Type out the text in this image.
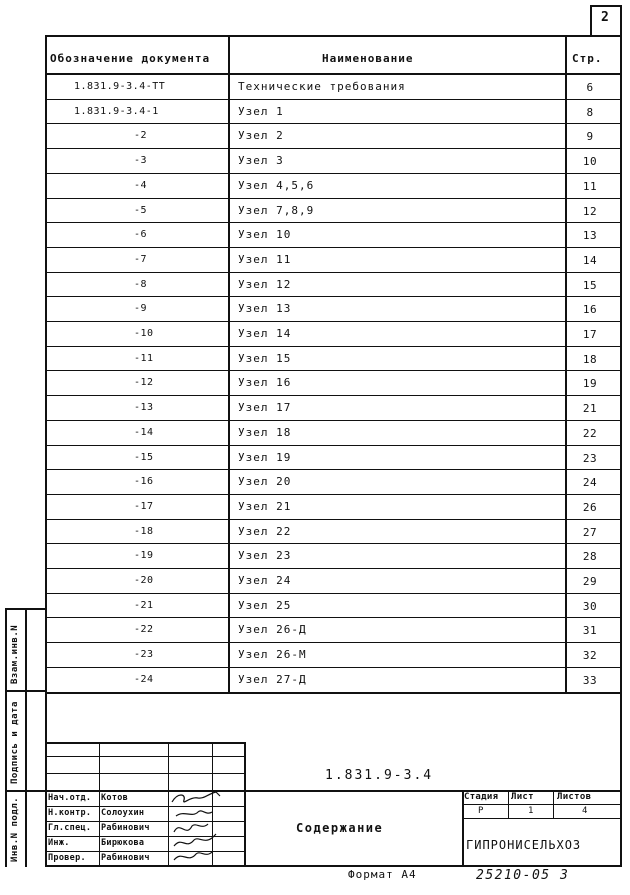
2
Обозначение документа	Наименование	Стр.
1.831.9-3.4-ТТ	Технические требования	6
1.831.9-3.4-1	Узел 1	8
-2	Узел 2	9
-3	Узел 3	10
-4	Узел 4,5,6	11
-5	Узел 7,8,9	12
-6	Узел 10	13
-7	Узел 11	14
-8	Узел 12	15
-9	Узел 13	16
-10	Узел 14	17
-11	Узел 15	18
-12	Узел 16	19
-13	Узел 17	21
-14	Узел 18	22
-15	Узел 19	23
-16	Узел 20	24
-17	Узел 21	26
-18	Узел 22	27
-19	Узел 23	28
-20	Узел 24	29
-21	Узел 25	30
-22	Узел 26-Д	31
-23	Узел 26-М	32
-24	Узел 27-Д	33
Взам.инв.N
Подпись и дата
Инв.N подл.
1.831.9-3.4
Содержание
Стадия Лист	Листов
Р	1	4
ГИПРОНИСЕЛЬХОЗ
Нач.отд. Котов
Н.контр. Солоухин
Гл.спец. Рабинович
Инж.	Бирюкова
Провер. Рабинович
Формат А4	25210-05 3
